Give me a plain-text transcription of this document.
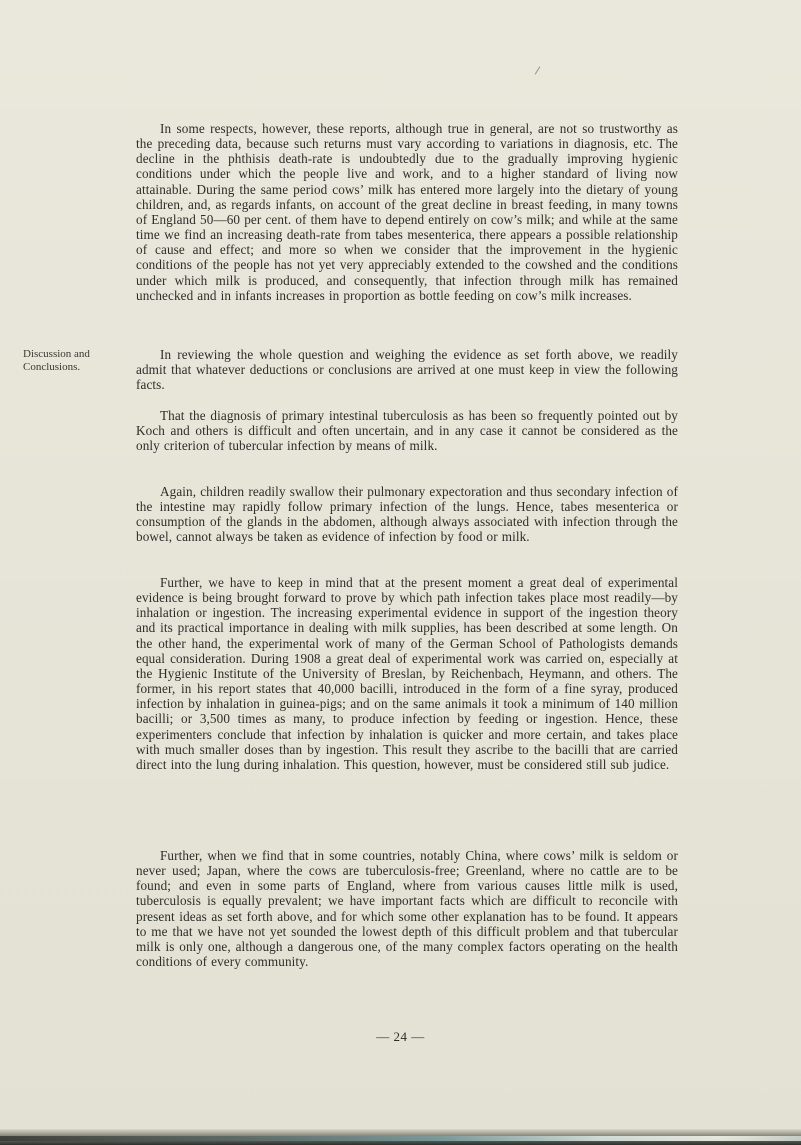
In some respects, however, these reports, although true in general, are not so trustworthy as the preceding data, because such returns must vary according to variations in diagnosis, etc. The decline in the phthisis death-rate is undoubtedly due to the gradually improving hygienic conditions under which the people live and work, and to a higher standard of living now attainable. During the same period cows’ milk has entered more largely into the dietary of young children, and, as regards infants, on account of the great decline in breast feeding, in many towns of England 50—60 per cent. of them have to depend entirely on cow’s milk; and while at the same time we find an increasing death-rate from tabes mesenterica, there appears a possible relationship of cause and effect; and more so when we consider that the improvement in the hygienic conditions of the people has not yet very appreciably extended to the cowshed and the conditions under which milk is produced, and consequently, that infection through milk has remained unchecked and in infants increases in proportion as bottle feeding on cow’s milk increases.

Discussion and
Conclusions.

In reviewing the whole question and weighing the evidence as set forth above, we readily admit that whatever deductions or conclusions are arrived at one must keep in view the following facts.

That the diagnosis of primary intestinal tuberculosis as has been so frequently pointed out by Koch and others is difficult and often uncertain, and in any case it cannot be considered as the only criterion of tubercular infection by means of milk.

Again, children readily swallow their pulmonary expectoration and thus secondary infection of the intestine may rapidly follow primary infection of the lungs. Hence, tabes mesenterica or consumption of the glands in the abdomen, although always associated with infection through the bowel, cannot always be taken as evidence of infection by food or milk.

Further, we have to keep in mind that at the present moment a great deal of experimental evidence is being brought forward to prove by which path infection takes place most readily—by inhalation or ingestion. The increasing experimental evidence in support of the ingestion theory and its practical importance in dealing with milk supplies, has been described at some length. On the other hand, the experimental work of many of the German School of Pathologists demands equal consideration. During 1908 a great deal of experimental work was carried on, especially at the Hygienic Institute of the University of Breslan, by Reichenbach, Heymann, and others. The former, in his report states that 40,000 bacilli, introduced in the form of a fine syray, produced infection by inhalation in guinea-pigs; and on the same animals it took a minimum of 140 million bacilli; or 3,500 times as many, to produce infection by feeding or ingestion. Hence, these experimenters conclude that infection by inhalation is quicker and more certain, and takes place with much smaller doses than by ingestion. This result they ascribe to the bacilli that are carried direct into the lung during inhalation. This question, however, must be considered still sub judice.

Further, when we find that in some countries, notably China, where cows’ milk is seldom or never used; Japan, where the cows are tuberculosis-free; Greenland, where no cattle are to be found; and even in some parts of England, where from various causes little milk is used, tuberculosis is equally prevalent; we have important facts which are difficult to reconcile with present ideas as set forth above, and for which some other explanation has to be found. It appears to me that we have not yet sounded the lowest depth of this difficult problem and that tubercular milk is only one, although a dangerous one, of the many complex factors operating on the health conditions of every community.

— 24 —
